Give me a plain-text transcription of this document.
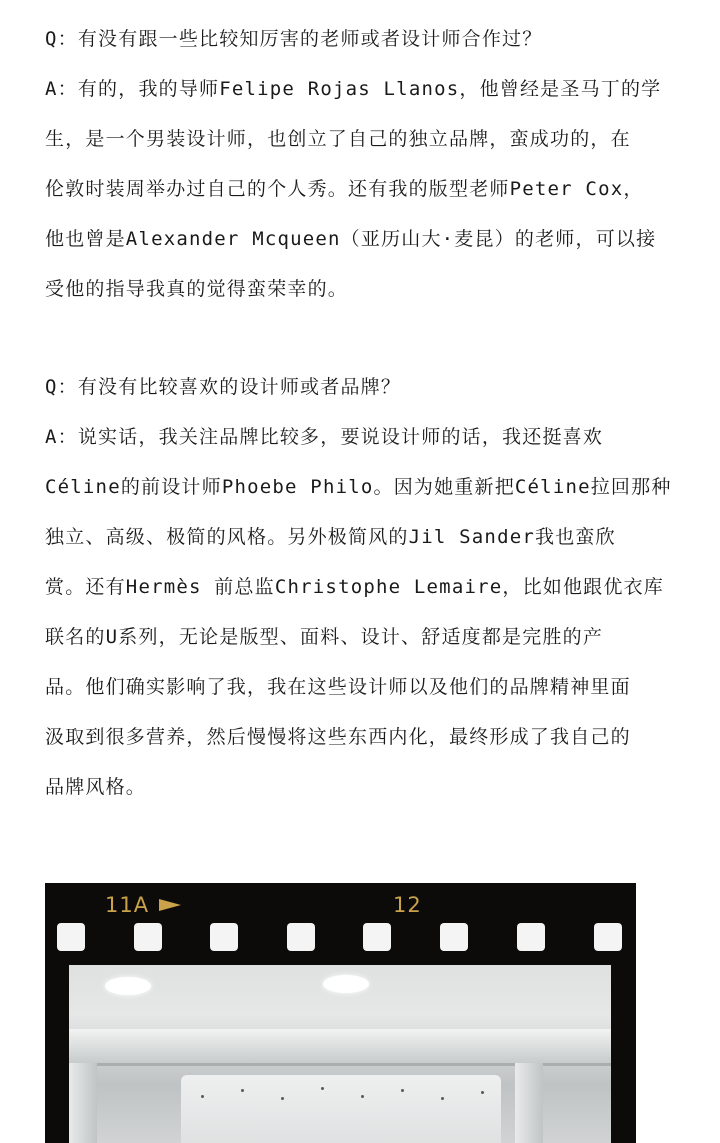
Q：有没有跟一些比较知厉害的老师或者设计师合作过？
A：有的，我的导师Felipe Rojas Llanos，他曾经是圣马丁的学
生，是一个男装设计师，也创立了自己的独立品牌，蛮成功的，在
伦敦时装周举办过自己的个人秀。还有我的版型老师Peter Cox，
他也曾是Alexander Mcqueen（亚历山大·麦昆）的老师，可以接
受他的指导我真的觉得蛮荣幸的。
Q：有没有比较喜欢的设计师或者品牌？
A：说实话，我关注品牌比较多，要说设计师的话，我还挺喜欢
Céline的前设计师Phoebe Philo。因为她重新把Céline拉回那种
独立、高级、极简的风格。另外极简风的Jil Sander我也蛮欣
赏。还有Hermès 前总监Christophe Lemaire，比如他跟优衣库
联名的U系列，无论是版型、面料、设计、舒适度都是完胜的产
品。他们确实影响了我，我在这些设计师以及他们的品牌精神里面
汲取到很多营养，然后慢慢将这些东西内化，最终形成了我自己的
品牌风格。
11A	12
